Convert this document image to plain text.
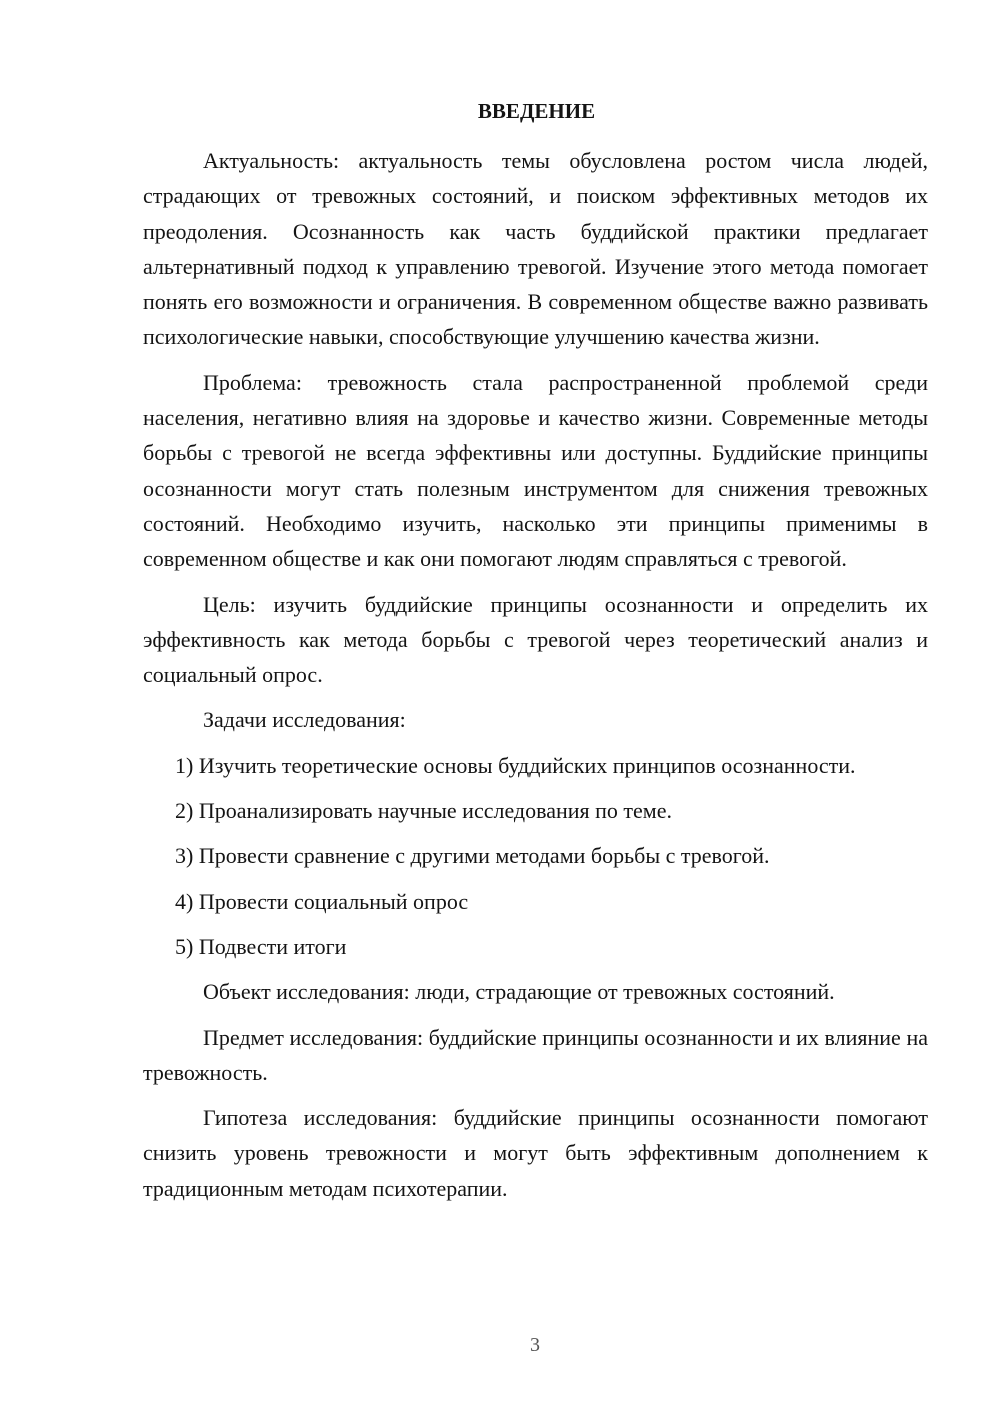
ВВЕДЕНИЕ

Актуальность: актуальность темы обусловлена ростом числа людей, страдающих от тревожных состояний, и поиском эффективных методов их преодоления. Осознанность как часть буддийской практики предлагает альтернативный подход к управлению тревогой. Изучение этого метода помогает понять его возможности и ограничения. В современном обществе важно развивать психологические навыки, способствующие улучшению качества жизни.

Проблема: тревожность стала распространенной проблемой среди населения, негативно влияя на здоровье и качество жизни. Современные методы борьбы с тревогой не всегда эффективны или доступны. Буддийские принципы осознанности могут стать полезным инструментом для снижения тревожных состояний. Необходимо изучить, насколько эти принципы применимы в современном обществе и как они помогают людям справляться с тревогой.

Цель: изучить буддийские принципы осознанности и определить их эффективность как метода борьбы с тревогой через теоретический анализ и социальный опрос.

Задачи исследования:

1) Изучить теоретические основы буддийских принципов осознанности.

2) Проанализировать научные исследования по теме.

3) Провести сравнение с другими методами борьбы с тревогой.

4) Провести социальный опрос

5) Подвести итоги

Объект исследования: люди, страдающие от тревожных состояний.

Предмет исследования: буддийские принципы осознанности и их влияние на тревожность.

Гипотеза исследования: буддийские принципы осознанности помогают снизить уровень тревожности и могут быть эффективным дополнением к традиционным методам психотерапии.

3
